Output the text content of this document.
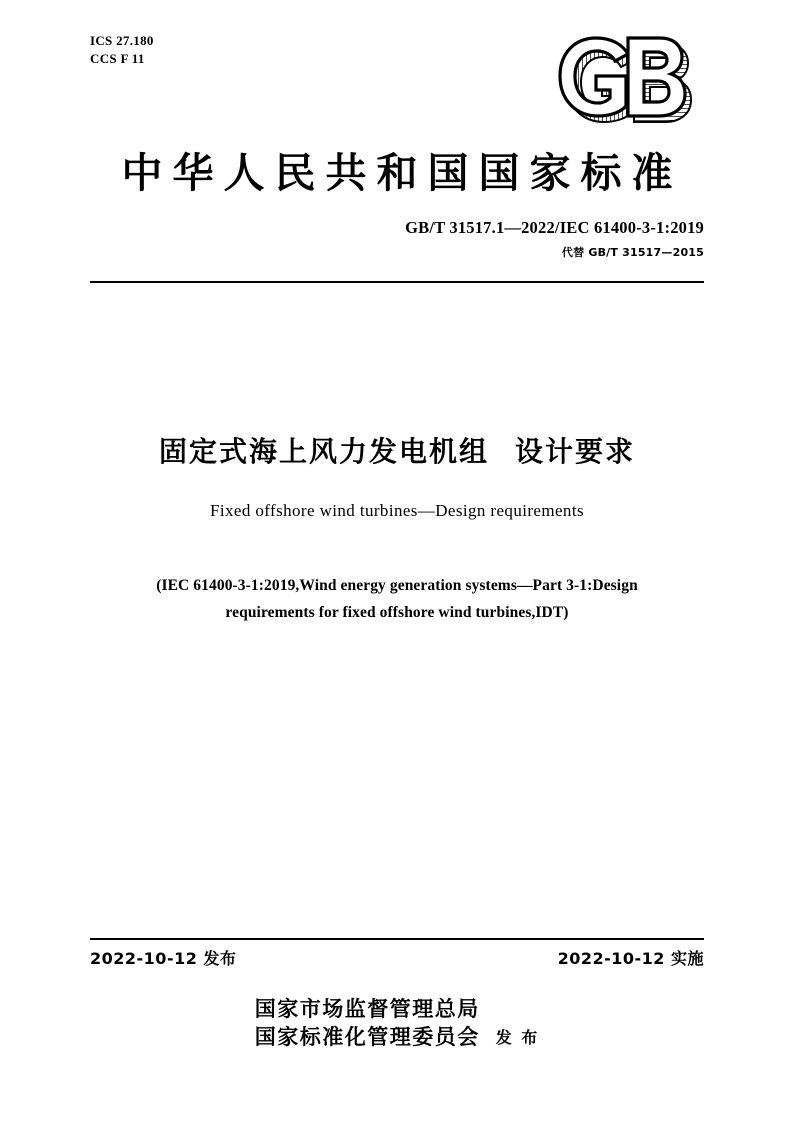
ICS 27.180
CCS F 11
中华人民共和国国家标准
GB/T 31517.1—2022/IEC 61400-3-1:2019
代替 GB/T 31517—2015
固定式海上风力发电机组 设计要求
Fixed offshore wind turbines—Design requirements
(IEC 61400-3-1:2019,Wind energy generation systems—Part 3-1:Design
requirements for fixed offshore wind turbines,IDT)
2022-10-12 发布	2022-10-12 实施
国家市场监督管理总局
国家标准化管理委员会 发 布
